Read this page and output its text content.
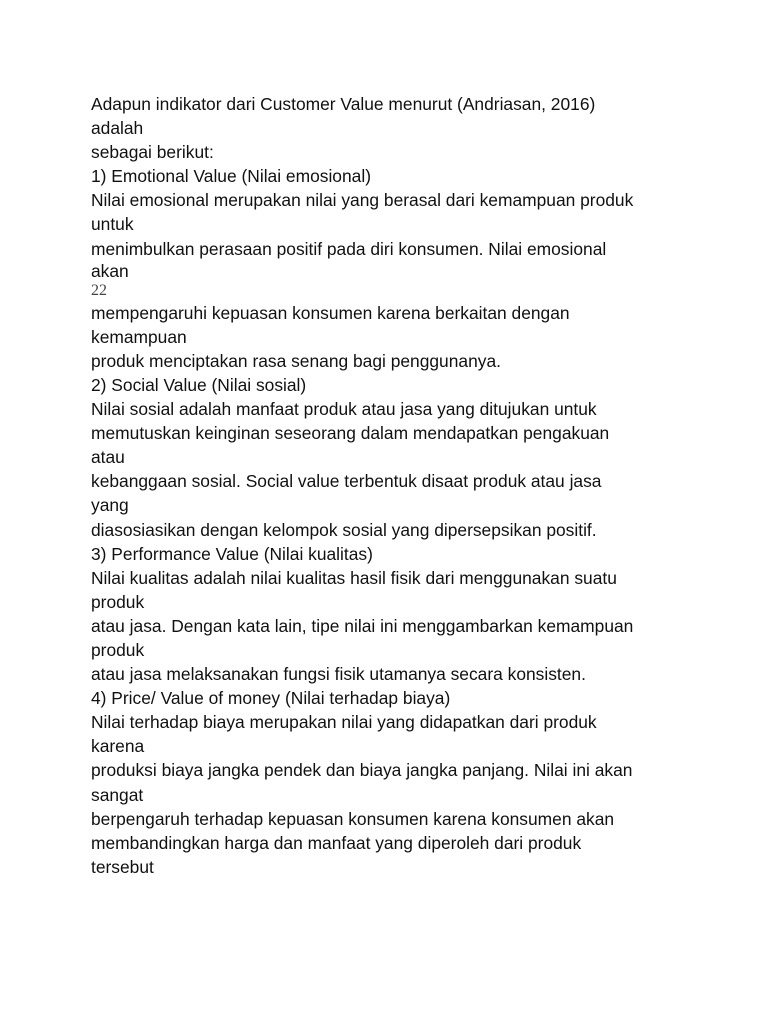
Adapun indikator dari Customer Value menurut (Andriasan, 2016)
adalah
sebagai berikut:
1) Emotional Value (Nilai emosional)
Nilai emosional merupakan nilai yang berasal dari kemampuan produk
untuk
menimbulkan perasaan positif pada diri konsumen. Nilai emosional
akan
22
mempengaruhi kepuasan konsumen karena berkaitan dengan
kemampuan
produk menciptakan rasa senang bagi penggunanya.
2) Social Value (Nilai sosial)
Nilai sosial adalah manfaat produk atau jasa yang ditujukan untuk
memutuskan keinginan seseorang dalam mendapatkan pengakuan
atau
kebanggaan sosial. Social value terbentuk disaat produk atau jasa
yang
diasosiasikan dengan kelompok sosial yang dipersepsikan positif.
3) Performance Value (Nilai kualitas)
Nilai kualitas adalah nilai kualitas hasil fisik dari menggunakan suatu
produk
atau jasa. Dengan kata lain, tipe nilai ini menggambarkan kemampuan
produk
atau jasa melaksanakan fungsi fisik utamanya secara konsisten.
4) Price/ Value of money (Nilai terhadap biaya)
Nilai terhadap biaya merupakan nilai yang didapatkan dari produk
karena
produksi biaya jangka pendek dan biaya jangka panjang. Nilai ini akan
sangat
berpengaruh terhadap kepuasan konsumen karena konsumen akan
membandingkan harga dan manfaat yang diperoleh dari produk
tersebut
